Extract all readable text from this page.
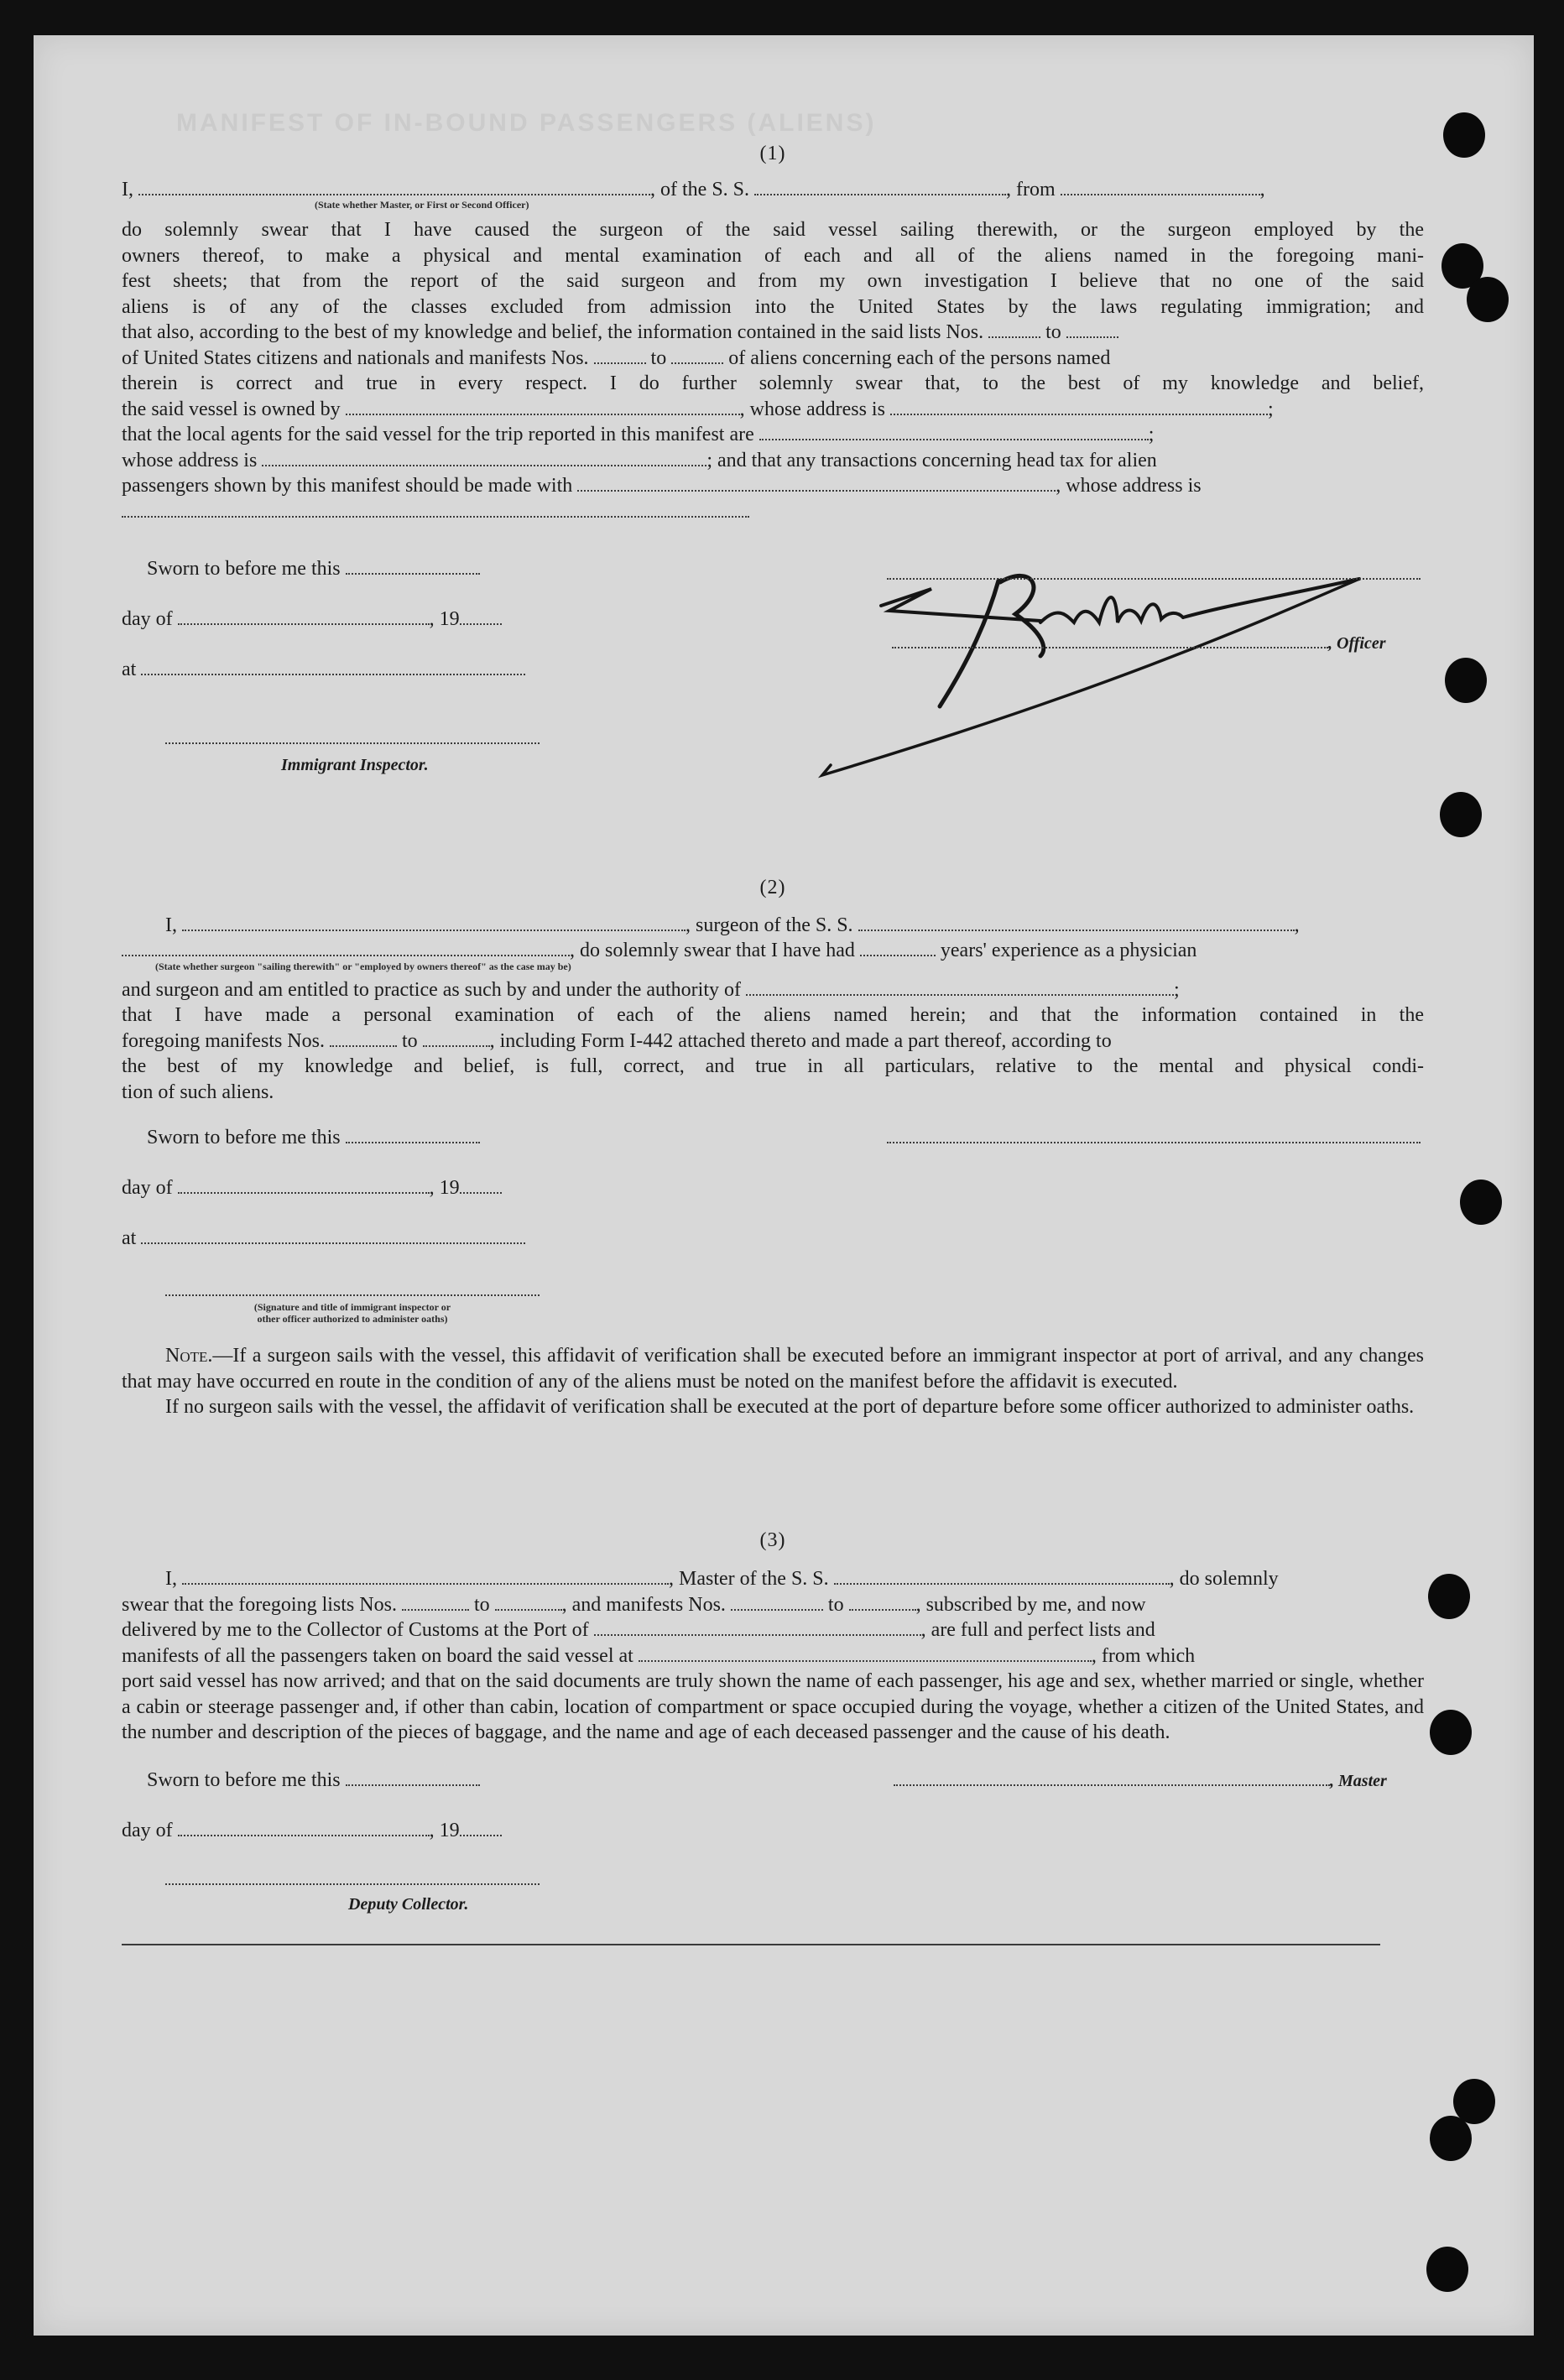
MANIFEST OF IN-BOUND PASSENGERS (ALIENS)
(1)
I,	, of the S. S.	, from	,
(State whether Master, or First or Second Officer)
do solemnly swear that I have caused the surgeon of the said vessel sailing therewith, or the surgeon employed by the
owners thereof, to make a physical and mental examination of each and all of the aliens named in the foregoing mani-
fest sheets; that from the report of the said surgeon and from my own investigation I believe that no one of the said
aliens is of any of the classes excluded from admission into the United States by the laws regulating immigration; and
that also, according to the best of my knowledge and belief, the information contained in the said lists Nos.	to
of United States citizens and nationals and manifests Nos.	to	of aliens concerning each of the persons named
therein is correct and true in every respect. I do further solemnly swear that, to the best of my knowledge and belief,
the said vessel is owned by	, whose address is	;
that the local agents for the said vessel for the trip reported in this manifest are	;
whose address is	; and that any transactions concerning head tax for alien
passengers shown by this manifest should be made with	, whose address is
Sworn to before me this
day of	, 19
at
Immigrant Inspector.
, Officer
(2)
I,	, surgeon of the S. S.	,
, do solemnly swear that I have had	years' experience as a physician
(State whether surgeon "sailing therewith" or "employed by owners thereof" as the case may be)
and surgeon and am entitled to practice as such by and under the authority of	;
that I have made a personal examination of each of the aliens named herein; and that the information contained in the
foregoing manifests Nos.	to	, including Form I-442 attached thereto and made a part thereof, according to
the best of my knowledge and belief, is full, correct, and true in all particulars, relative to the mental and physical condi-
tion of such aliens.
Sworn to before me this
day of	, 19
at
(Signature and title of immigrant inspector or
other officer authorized to administer oaths)

Note.—If a surgeon sails with the vessel, this affidavit of verification shall be executed before an immigrant inspector at port of arrival, and any changes that may have occurred en route in the condition of any of the aliens must be noted on the manifest before the affidavit is executed.

If no surgeon sails with the vessel, the affidavit of verification shall be executed at the port of departure before some officer authorized to administer oaths.

(3)
I,	, Master of the S. S.	, do solemnly
swear that the foregoing lists Nos.	to	, and manifests Nos.	to	, subscribed by me, and now
delivered by me to the Collector of Customs at the Port of	, are full and perfect lists and
manifests of all the passengers taken on board the said vessel at	, from which

port said vessel has now arrived; and that on the said documents are truly shown the name of each passenger, his age and sex, whether married or single, whether a cabin or steerage passenger and, if other than cabin, location of compartment or space occupied during the voyage, whether a citizen of the United States, and the number and description of the pieces of baggage, and the name and age of each deceased passenger and the cause of his death.

Sworn to before me this	, Master
day of	, 19
Deputy Collector.
